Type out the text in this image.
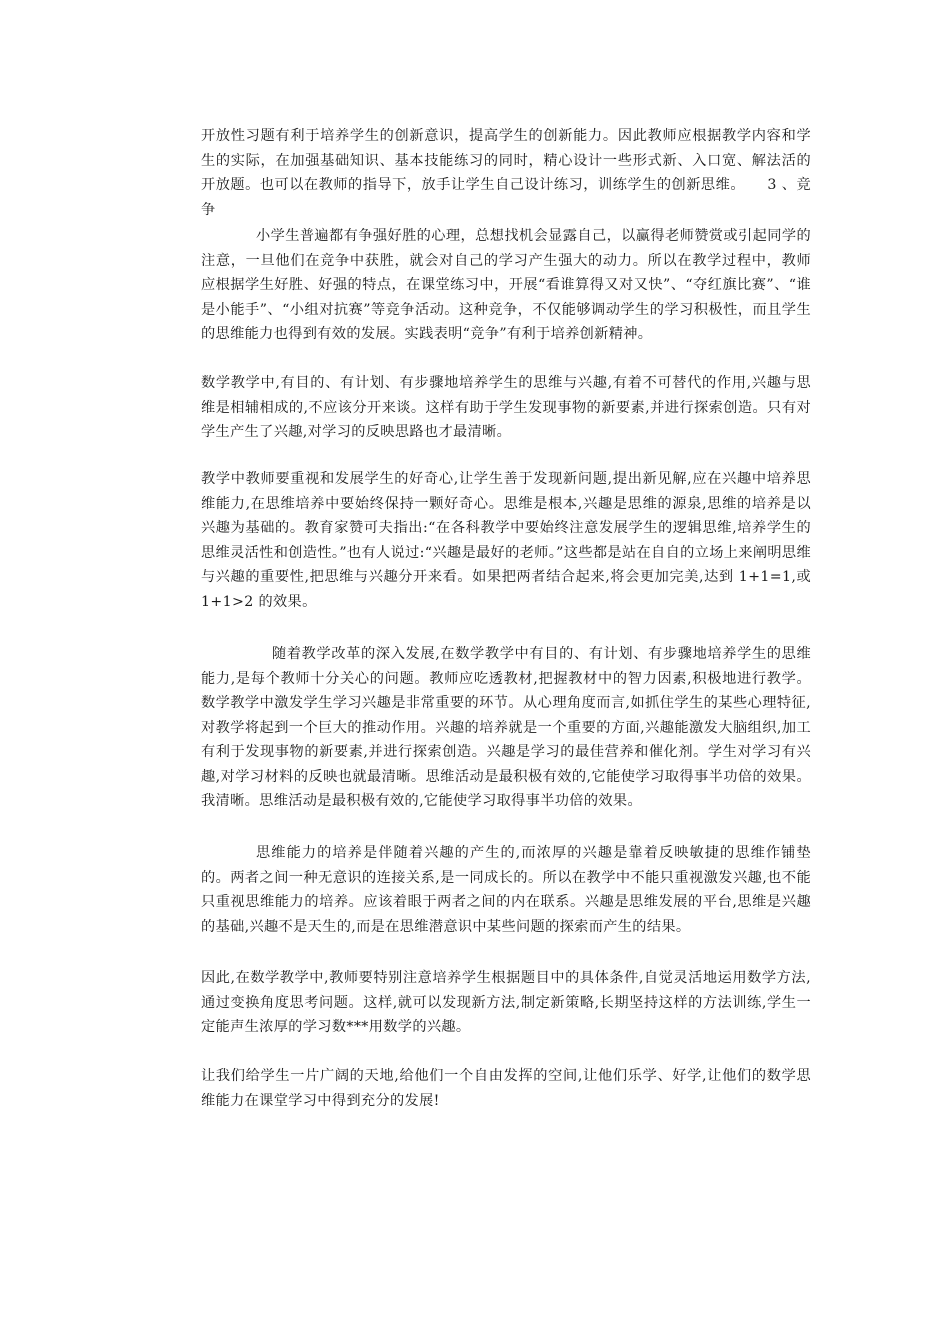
开放性习题有利于培养学生的创新意识，提高学生的创新能力。因此教师应根据教学内容和学生的实际，在加强基础知识、基本技能练习的同时，精心设计一些形式新、入口宽、解法活的开放题。也可以在教师的指导下，放手让学生自己设计练习，训练学生的创新思维。　　3 、竞争

小学生普遍都有争强好胜的心理，总想找机会显露自己，以赢得老师赞赏或引起同学的注意，一旦他们在竞争中获胜，就会对自己的学习产生强大的动力。所以在教学过程中，教师应根据学生好胜、好强的特点，在课堂练习中，开展“看谁算得又对又快”、“夺红旗比赛”、“谁是小能手”、“小组对抗赛”等竞争活动。这种竞争，不仅能够调动学生的学习积极性，而且学生的思维能力也得到有效的发展。实践表明“竞争”有利于培养创新精神。

数学教学中,有目的、有计划、有步骤地培养学生的思维与兴趣,有着不可替代的作用,兴趣与思维是相辅相成的,不应该分开来谈。这样有助于学生发现事物的新要素,并进行探索创造。只有对学生产生了兴趣,对学习的反映思路也才最清晰。

教学中教师要重视和发展学生的好奇心,让学生善于发现新问题,提出新见解,应在兴趣中培养思维能力,在思维培养中要始终保持一颗好奇心。思维是根本,兴趣是思维的源泉,思维的培养是以兴趣为基础的。教育家赞可夫指出:“在各科教学中要始终注意发展学生的逻辑思维,培养学生的思维灵活性和创造性。”也有人说过:“兴趣是最好的老师。”这些都是站在自自的立场上来阐明思维与兴趣的重要性,把思维与兴趣分开来看。如果把两者结合起来,将会更加完美,达到 1+1=1,或 1+1>2 的效果。

随着教学改革的深入发展,在数学教学中有目的、有计划、有步骤地培养学生的思维能力,是每个教师十分关心的问题。教师应吃透教材,把握教材中的智力因素,积极地进行教学。数学教学中激发学生学习兴趣是非常重要的环节。从心理角度而言,如抓住学生的某些心理特征,对教学将起到一个巨大的推动作用。兴趣的培养就是一个重要的方面,兴趣能激发大脑组织,加工有利于发现事物的新要素,并进行探索创造。兴趣是学习的最佳营养和催化剂。学生对学习有兴趣,对学习材料的反映也就最清晰。思维活动是最积极有效的,它能使学习取得事半功倍的效果。我清晰。思维活动是最积极有效的,它能使学习取得事半功倍的效果。

思维能力的培养是伴随着兴趣的产生的,而浓厚的兴趣是靠着反映敏捷的思维作铺垫的。两者之间一种无意识的连接关系,是一同成长的。所以在教学中不能只重视激发兴趣,也不能只重视思维能力的培养。应该着眼于两者之间的内在联系。兴趣是思维发展的平台,思维是兴趣的基础,兴趣不是天生的,而是在思维潜意识中某些问题的探索而产生的结果。

因此,在数学教学中,教师要特别注意培养学生根据题目中的具体条件,自觉灵活地运用数学方法,通过变换角度思考问题。这样,就可以发现新方法,制定新策略,长期坚持这样的方法训练,学生一定能声生浓厚的学习数***用数学的兴趣。

让我们给学生一片广阔的天地,给他们一个自由发挥的空间,让他们乐学、好学,让他们的数学思维能力在课堂学习中得到充分的发展!
